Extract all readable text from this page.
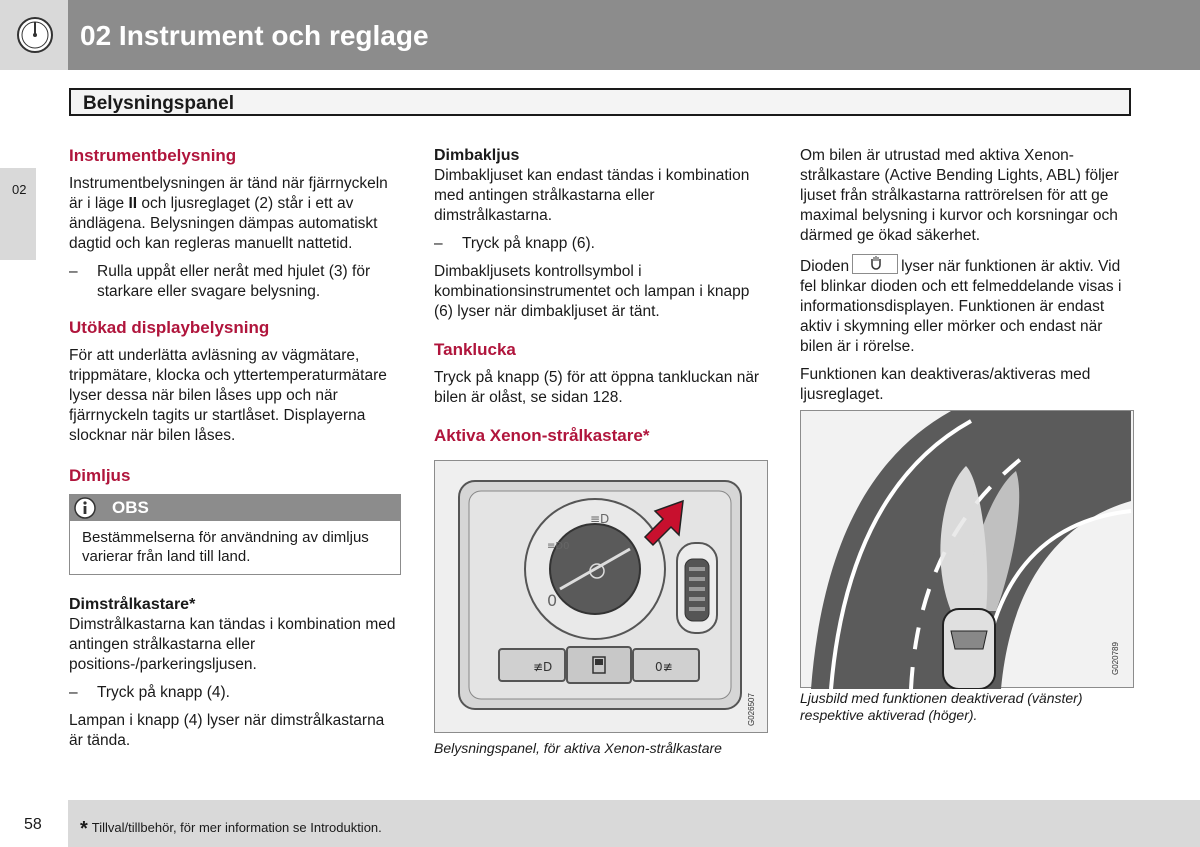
02 Instrument och reglage
Belysningspanel
02

Instrumentbelysning

Instrumentbelysningen är tänd när fjärrnyckeln är i läge II och ljusreglaget (2) står i ett av ändlägena. Belysningen dämpas automatiskt dagtid och kan regleras manuellt nattetid.

–	Rulla uppåt eller neråt med hjulet (3) för starkare eller svagare belysning.

Utökad displaybelysning

För att underlätta avläsning av vägmätare, trippmätare, klocka och yttertemperaturmätare lyser dessa när bilen låses upp och när fjärrnyckeln tagits ur startlåset. Displayerna slocknar när bilen låses.

Dimljus

OBS
Bestämmelserna för användning av dimljus varierar från land till land.

Dimstrålkastare*

Dimstrålkastarna kan tändas i kombination med antingen strålkastarna eller positions-/parkeringsljusen.

–	Tryck på knapp (4).

Lampan i knapp (4) lyser när dimstrålkastarna är tända.

Dimbakljus

Dimbakljuset kan endast tändas i kombination med antingen strålkastarna eller dimstrålkastarna.

–	Tryck på knapp (6).

Dimbakljusets kontrollsymbol i kombinationsinstrumentet och lampan i knapp (6) lyser när dimbakljuset är tänt.

Tanklucka

Tryck på knapp (5) för att öppna tankluckan när bilen är olåst, se sidan 128.

Aktiva Xenon-strålkastare*

≡D0
≡D
0
≢D	0≢
G026507
Belysningspanel, för aktiva Xenon-strålkastare

Om bilen är utrustad med aktiva Xenon-strålkastare (Active Bending Lights, ABL) följer ljuset från strålkastarna rattrörelsen för att ge maximal belysning i kurvor och korsningar och därmed ge ökad säkerhet.

Dioden	lyser när funktionen är aktiv. Vid fel blinkar dioden och ett felmeddelande visas i informationsdisplayen. Funktionen är endast aktiv i skymning eller mörker och endast när bilen är i rörelse.

Funktionen kan deaktiveras/aktiveras med ljusreglaget.

G020789
Ljusbild med funktionen deaktiverad (vänster) respektive aktiverad (höger).
58 * Tillval/tillbehör, för mer information se Introduktion.
